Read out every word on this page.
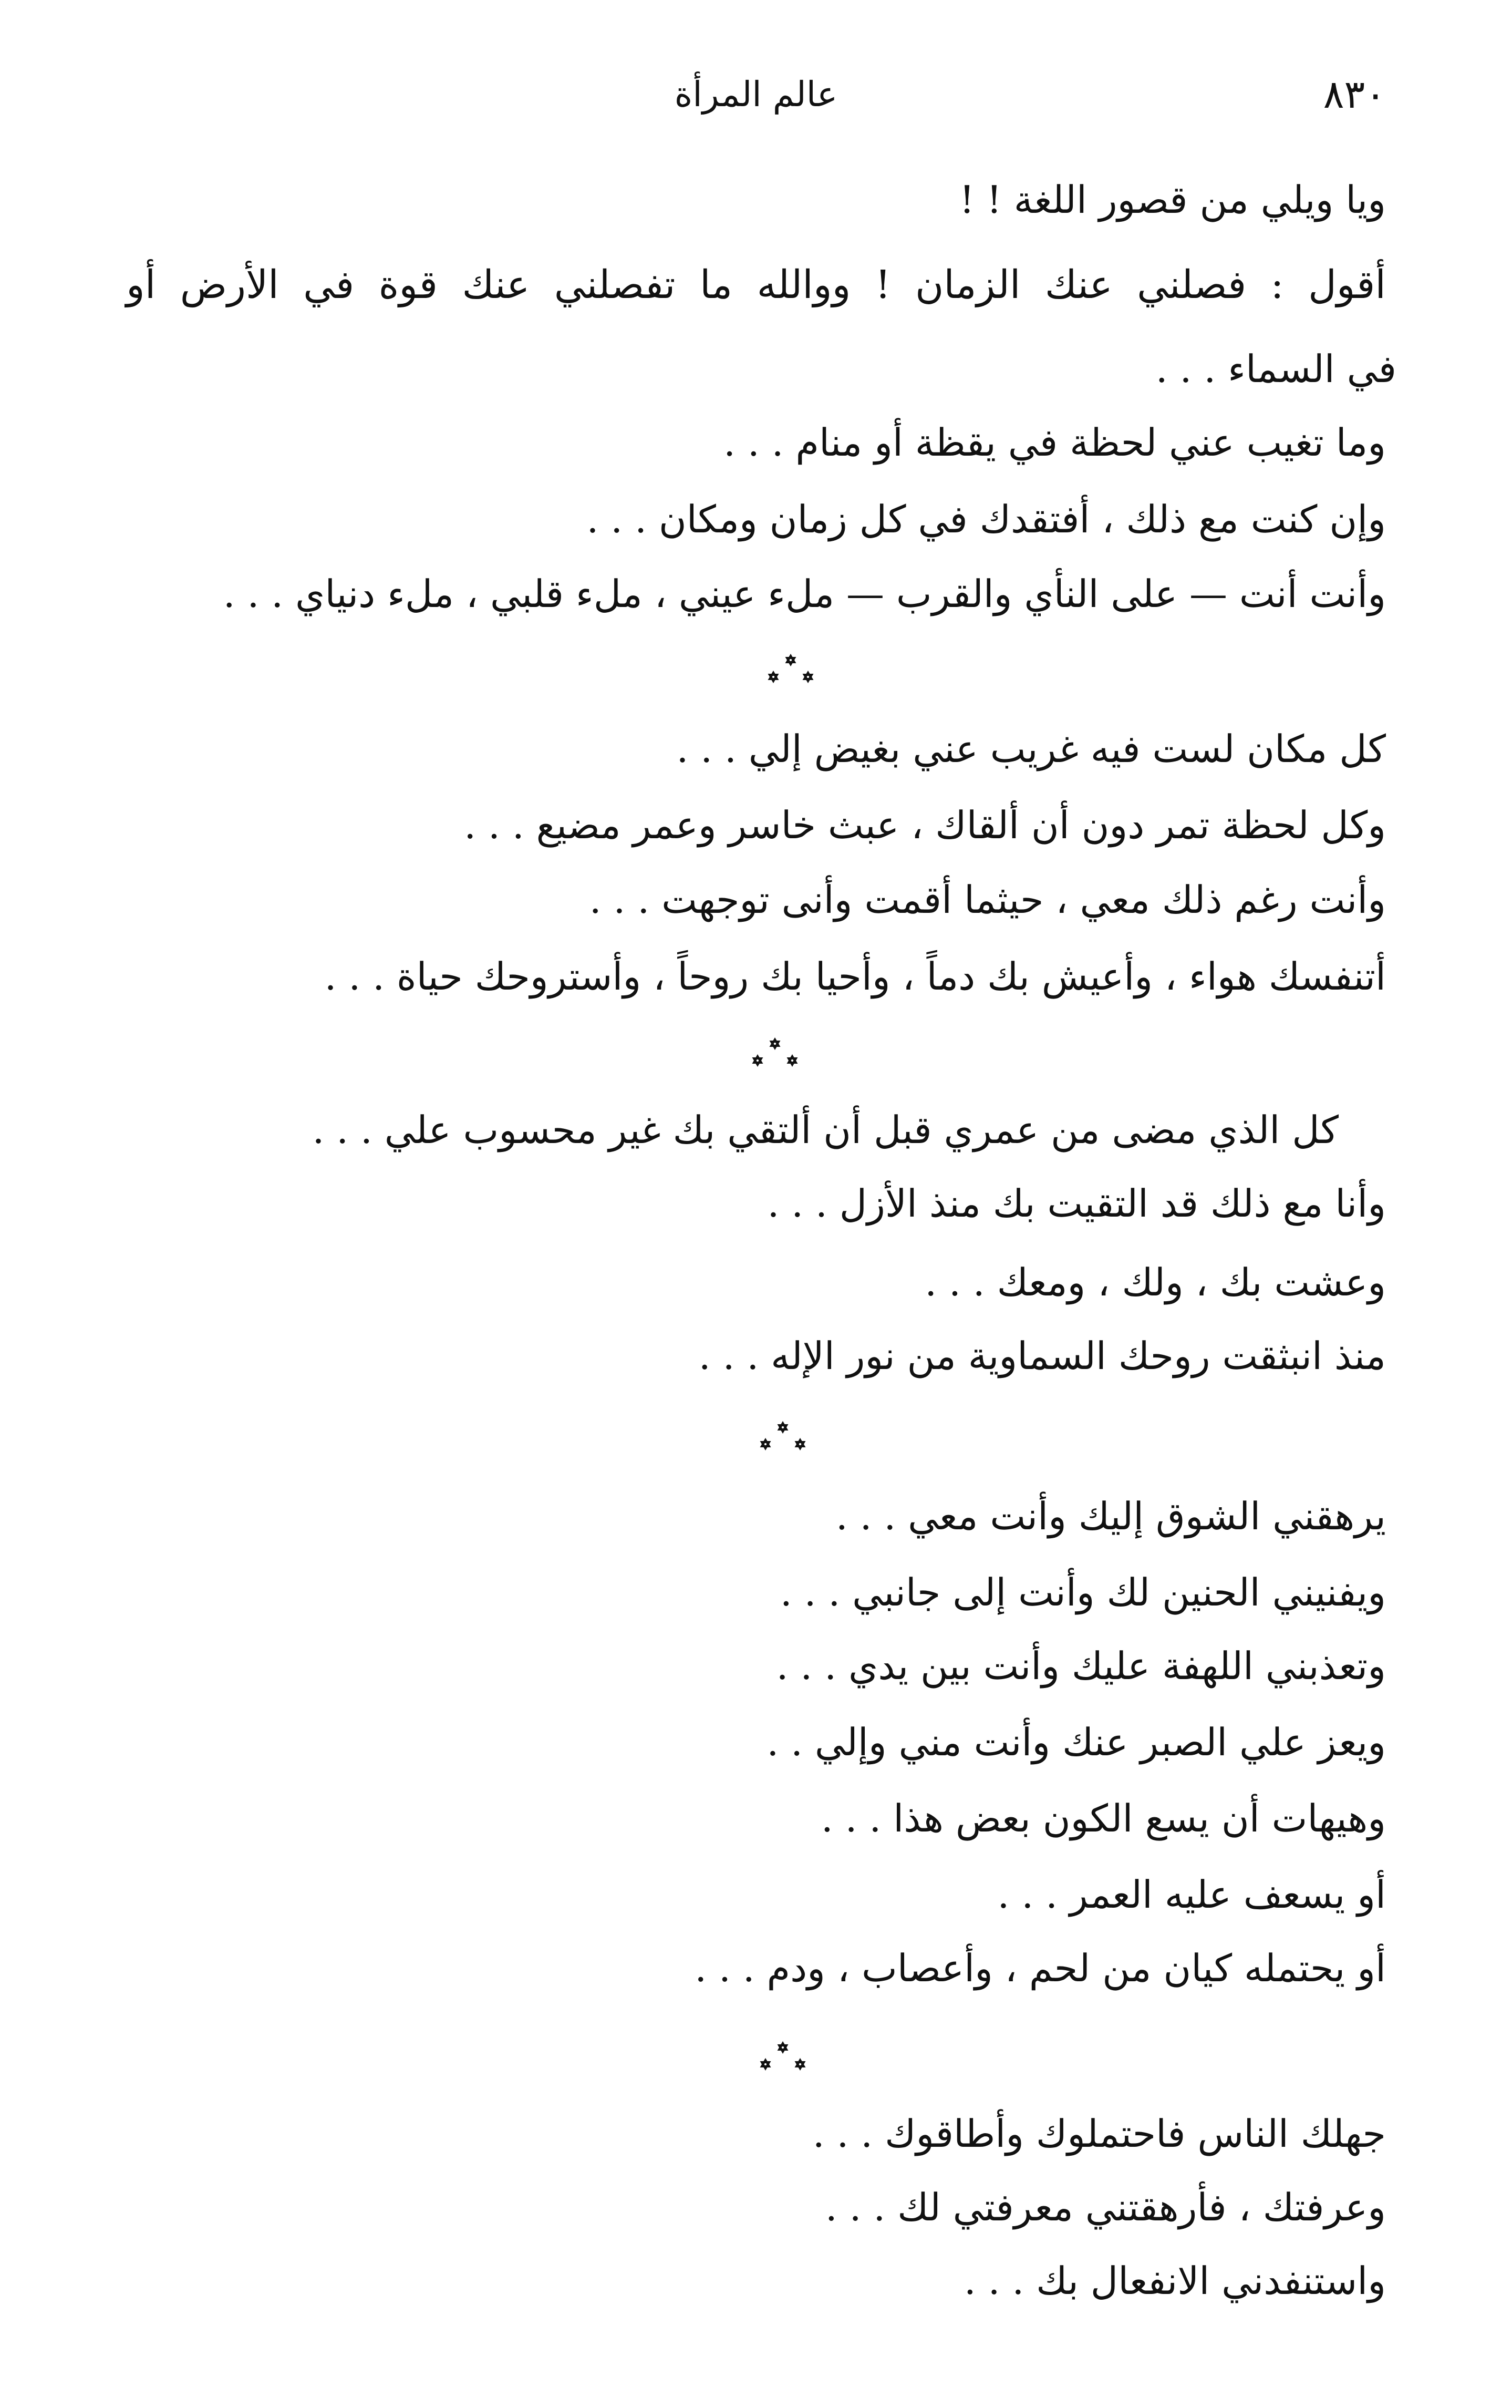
٨٣٠
عالم المرأة
ويا ويلي من قصور اللغة ! !
أقول : فصلني عنك الزمان ! ووالله ما تفصلني عنك قوة في الأرض أو
في السماء . . .
وما تغيب عني لحظة في يقظة أو منام . . .
وإن كنت مع ذلك ، أفتقدك في كل زمان ومكان . . .
وأنت أنت — على النأي والقرب — ملء عيني ، ملء قلبي ، ملء دنياي . . .
كل مكان لست فيه غريب عني بغيض إلي . . .
وكل لحظة تمر دون أن ألقاك ، عبث خاسر وعمر مضيع . . .
وأنت رغم ذلك معي ، حيثما أقمت وأنى توجهت . . .
أتنفسك هواء ، وأعيش بك دماً ، وأحيا بك روحاً ، وأستروحك حياة . . .
كل الذي مضى من عمري قبل أن ألتقي بك غير محسوب علي . . .
وأنا مع ذلك قد التقيت بك منذ الأزل . . .
وعشت بك ، ولك ، ومعك . . .
منذ انبثقت روحك السماوية من نور الإله . . .
يرهقني الشوق إليك وأنت معي . . .
ويفنيني الحنين لك وأنت إلى جانبي . . .
وتعذبني اللهفة عليك وأنت بين يدي . . .
ويعز علي الصبر عنك وأنت مني وإلي . .
وهيهات أن يسع الكون بعض هذا . . .
أو يسعف عليه العمر . . .
أو يحتمله كيان من لحم ، وأعصاب ، ودم . . .
جهلك الناس فاحتملوك وأطاقوك . . .
وعرفتك ، فأرهقتني معرفتي لك . . .
واستنفدني الانفعال بك . . .
